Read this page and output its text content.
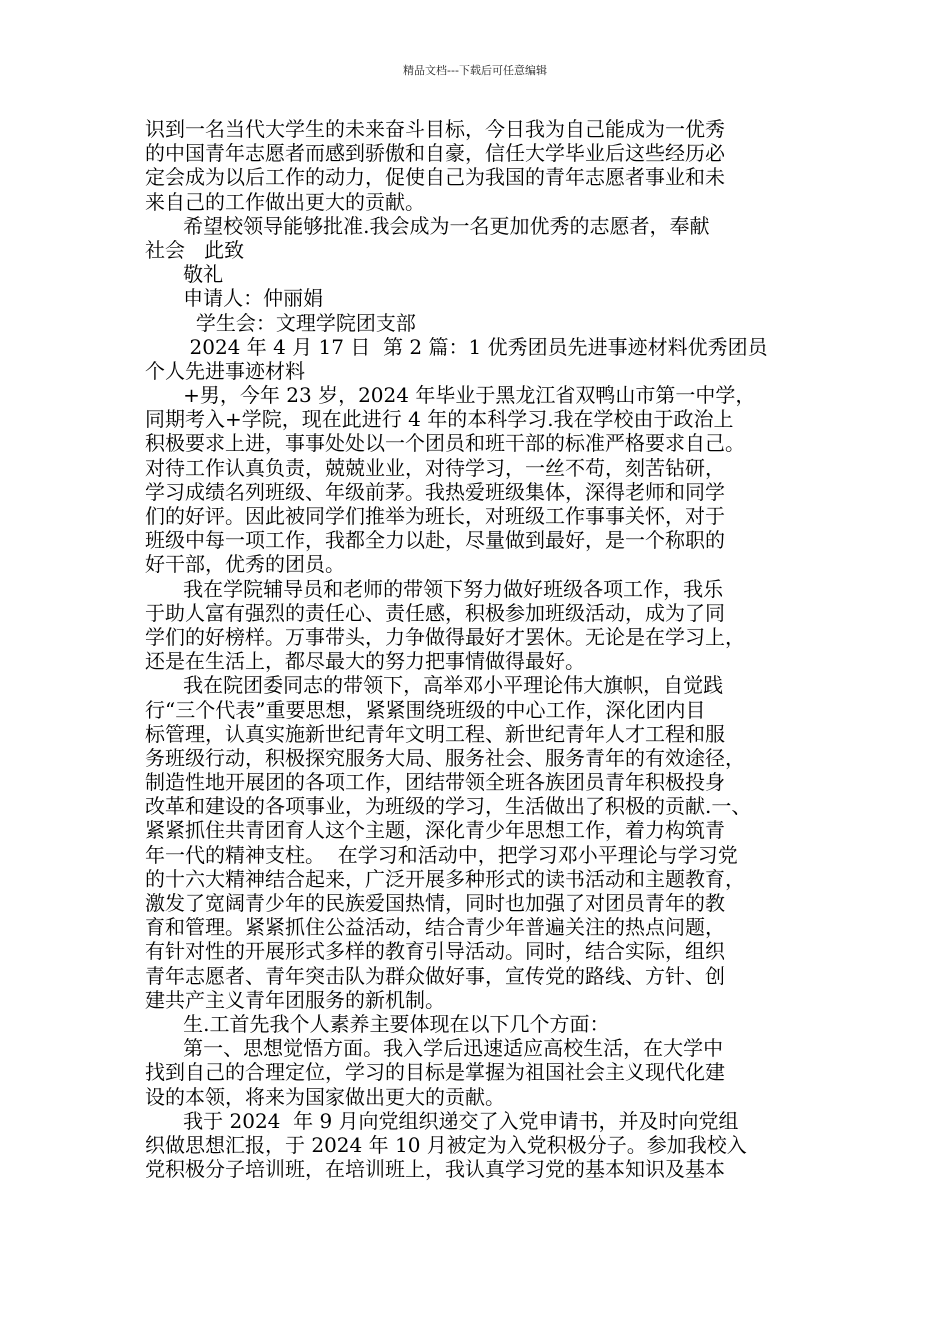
精品文档---下载后可任意编辑
识到一名当代大学生的未来奋斗目标，今日我为自己能成为一优秀
的中国青年志愿者而感到骄傲和自豪，信任大学毕业后这些经历必
定会成为以后工作的动力，促使自己为我国的青年志愿者事业和未
来自己的工作做出更大的贡献。
希望校领导能够批准.我会成为一名更加优秀的志愿者，奉献
社会   此致
敬礼
申请人：仲丽娟
学生会：文理学院团支部
2024 年 4 月 17 日  第 2 篇：1 优秀团员先进事迹材料优秀团员
个人先进事迹材料
+男，今年 23 岁，2024 年毕业于黑龙江省双鸭山市第一中学，
同期考入+学院，现在此进行 4 年的本科学习.我在学校由于政治上
积极要求上进，事事处处以一个团员和班干部的标准严格要求自己。
对待工作认真负责，兢兢业业，对待学习，一丝不苟，刻苦钻研，
学习成绩名列班级、年级前茅。我热爱班级集体，深得老师和同学
们的好评。因此被同学们推举为班长，对班级工作事事关怀，对于
班级中每一项工作，我都全力以赴，尽量做到最好，是一个称职的
好干部，优秀的团员。
我在学院辅导员和老师的带领下努力做好班级各项工作，我乐
于助人富有强烈的责任心、责任感，积极参加班级活动，成为了同
学们的好榜样。万事带头，力争做得最好才罢休。无论是在学习上，
还是在生活上，都尽最大的努力把事情做得最好。
我在院团委同志的带领下，高举邓小平理论伟大旗帜，自觉践
行“三个代表”重要思想，紧紧围绕班级的中心工作，深化团内目
标管理，认真实施新世纪青年文明工程、新世纪青年人才工程和服
务班级行动，积极探究服务大局、服务社会、服务青年的有效途径，
制造性地开展团的各项工作，团结带领全班各族团员青年积极投身
改革和建设的各项事业，为班级的学习，生活做出了积极的贡献.一、
紧紧抓住共青团育人这个主题，深化青少年思想工作，着力构筑青
年一代的精神支柱。  在学习和活动中，把学习邓小平理论与学习党
的十六大精神结合起来，广泛开展多种形式的读书活动和主题教育，
激发了宽阔青少年的民族爱国热情，同时也加强了对团员青年的教
育和管理。紧紧抓住公益活动，结合青少年普遍关注的热点问题，
有针对性的开展形式多样的教育引导活动。同时，结合实际，组织
青年志愿者、青年突击队为群众做好事，宣传党的路线、方针、创
建共产主义青年团服务的新机制。
生.工首先我个人素养主要体现在以下几个方面：
第一、思想觉悟方面。我入学后迅速适应高校生活，在大学中
找到自己的合理定位，学习的目标是掌握为祖国社会主义现代化建
设的本领，将来为国家做出更大的贡献。
我于 2024  年 9 月向党组织递交了入党申请书，并及时向党组
织做思想汇报，于 2024 年 10 月被定为入党积极分子。参加我校入
党积极分子培训班，在培训班上，我认真学习党的基本知识及基本
